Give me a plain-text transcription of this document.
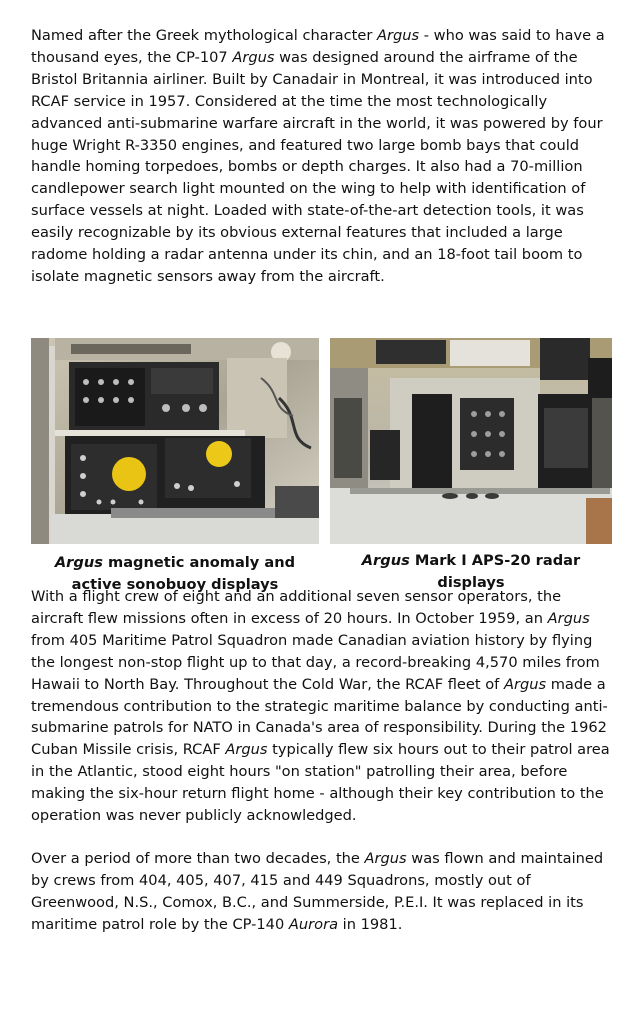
Named after the Greek mythological character Argus - who was said to have a thousand eyes, the CP-107 Argus was designed around the airframe of the Bristol Britannia airliner. Built by Canadair in Montreal, it was introduced into RCAF service in 1957. Considered at the time the most technologically advanced anti-submarine warfare aircraft in the world, it was powered by four huge Wright R-3350 engines, and featured two large bomb bays that could handle homing torpedoes, bombs or depth charges. It also had a 70-million candlepower search light mounted on the wing to help with identification of surface vessels at night. Loaded with state-of-the-art detection tools, it was easily recognizable by its obvious external features that included a large radome holding a radar antenna under its chin, and an 18-foot tail boom to isolate magnetic sensors away from the aircraft.

Argus magnetic anomaly and active sonobuoy displays
Argus Mark I APS-20 radar displays

With a flight crew of eight and an additional seven sensor operators, the aircraft flew missions often in excess of 20 hours. In October 1959, an Argus from 405 Maritime Patrol Squadron made Canadian aviation history by flying the longest non-stop flight up to that day, a record-breaking 4,570 miles from Hawaii to North Bay. Throughout the Cold War, the RCAF fleet of Argus made a tremendous contribution to the strategic maritime balance by conducting anti-submarine patrols for NATO in Canada's area of responsibility. During the 1962 Cuban Missile crisis, RCAF Argus typically flew six hours out to their patrol area in the Atlantic, stood eight hours "on station" patrolling their area, before making the six-hour return flight home - although their key contribution to the operation was never publicly acknowledged.

Over a period of more than two decades, the Argus was flown and maintained by crews from 404, 405, 407, 415 and 449 Squadrons, mostly out of Greenwood, N.S., Comox, B.C., and Summerside, P.E.I. It was replaced in its maritime patrol role by the CP-140 Aurora in 1981.
